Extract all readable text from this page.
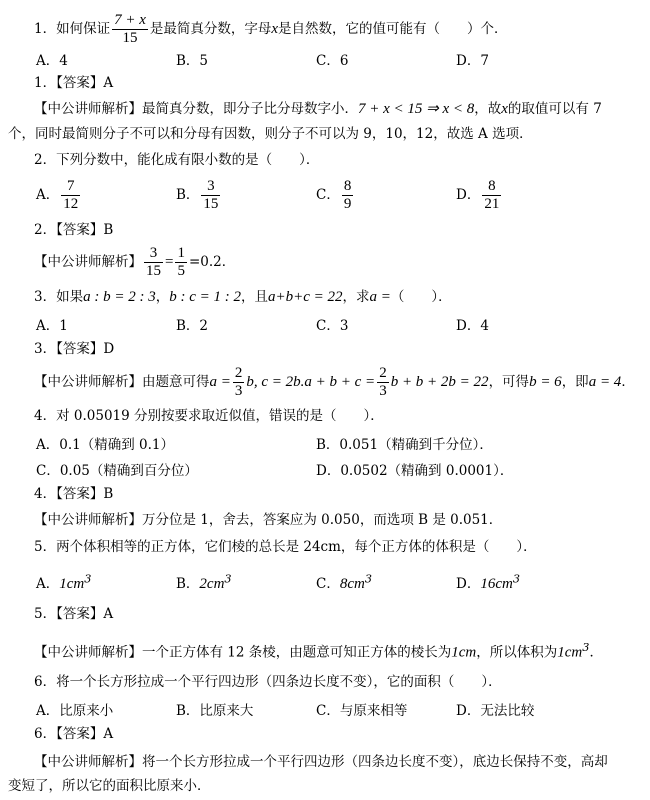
1．如何保证 $\frac{7 + x}{15}$ 是最简真分数，字母x是自然数，它的值可能有（　　）个．
A．4	B．5	C．6	D．7
1．【答案】A
【中公讲师解析】最简真分数，即分子比分母数字小．7 + x < 15 ⇒ x < 8，故x的取值可以有 7
个，同时最简则分子不可以和分母有因数，则分子不可以为 9，10，12，故选 A 选项．
2．下列分数中，能化成有限小数的是（　　）．
A． $\frac{7}{12}$	B． $\frac{3}{15}$	C． $\frac{8}{9}$	D． $\frac{8}{21}$
2．【答案】B
【中公讲师解析】 $\frac{3}{15} = \frac{1}{5} =0.2$．
3．如果a : b = 2 : 3，b : c = 1 : 2，且a+b+c = 22，求a =（　　）．
A．1	B．2	C．3	D．4
3．【答案】D
【中公讲师解析】由题意可得$a = \frac{2}{3} b$, $c = 2b.a + b + c = \frac{2}{3}$ b + b + 2b = 22，可得b = 6，即a = 4．
4．对 0.05019 分别按要求取近似值，错误的是（　　）．
A．0.1（精确到 0.1）	B．0.051（精确到千分位）．
C．0.05（精确到百分位）	D．0.0502（精确到 0.0001）．
4．【答案】B
【中公讲师解析】万分位是 1，舍去，答案应为 0.050，而选项 B 是 0.051．
5．两个体积相等的正方体，它们棱的总长是 24cm，每个正方体的体积是（　　）．
A．$1cm^3$	B．$2cm^3$	C．$8cm^3$	D．$16cm^3$
5．【答案】A
【中公讲师解析】一个正方体有 12 条棱，由题意可知正方体的棱长为1cm，所以体积为$1cm^3$．
6．将一个长方形拉成一个平行四边形（四条边长度不变），它的面积（　　）．
A．比原来小	B．比原来大	C．与原来相等	D．无法比较
6．【答案】A
【中公讲师解析】将一个长方形拉成一个平行四边形（四条边长度不变），底边长保持不变，高却
变短了，所以它的面积比原来小．
